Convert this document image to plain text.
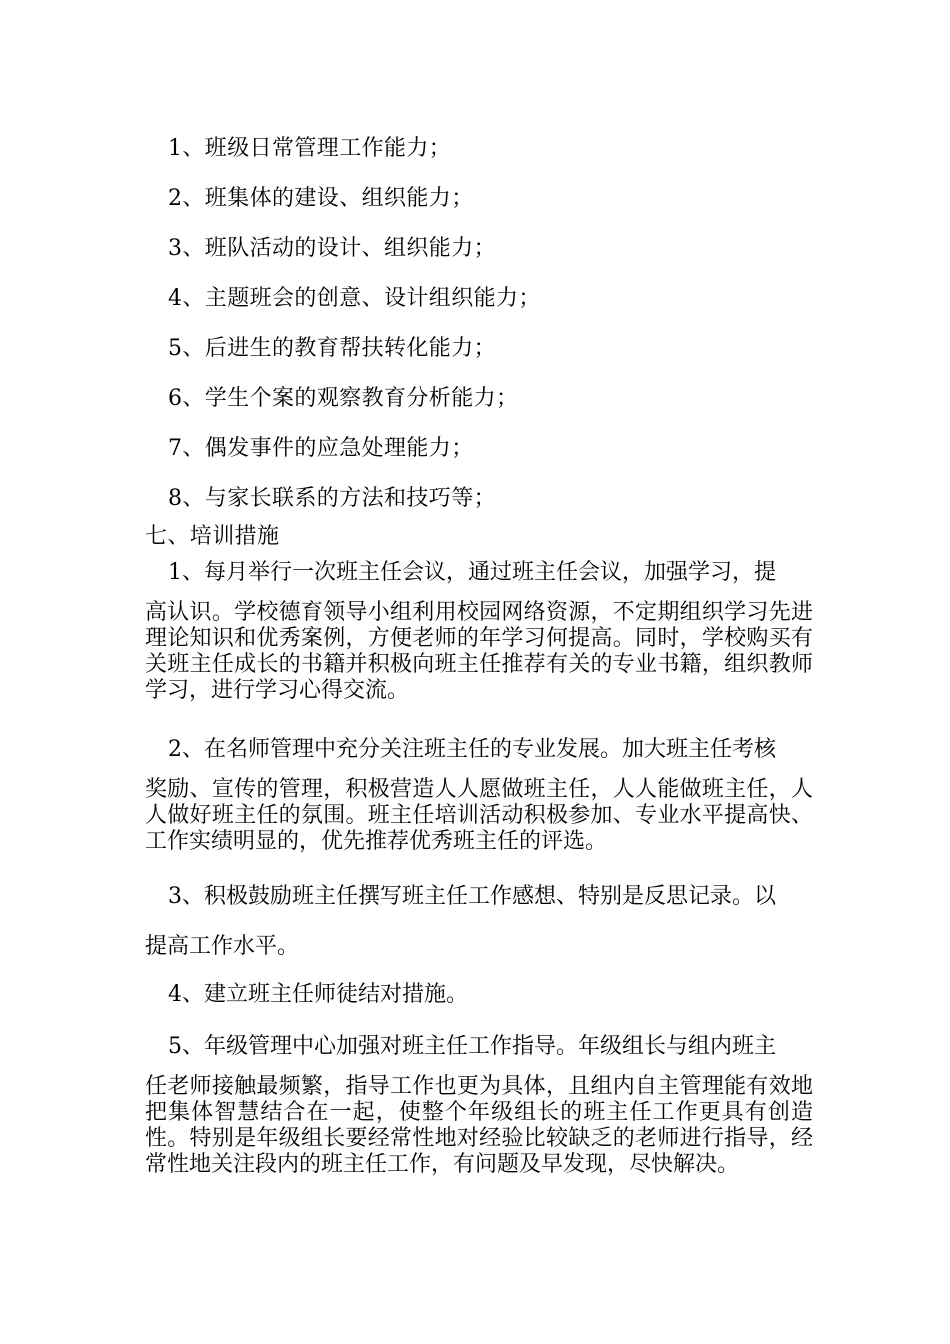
1、班级日常管理工作能力；
2、班集体的建设、组织能力；
3、班队活动的设计、组织能力；
4、主题班会的创意、设计组织能力；
5、后进生的教育帮扶转化能力；
6、学生个案的观察教育分析能力；
7、偶发事件的应急处理能力；
8、与家长联系的方法和技巧等；
七、培训措施
1、每月举行一次班主任会议，通过班主任会议，加强学习，提
高认识。学校德育领导小组利用校园网络资源，不定期组织学习先进理论知识和优秀案例，方便老师的年学习何提高。同时，学校购买有关班主任成长的书籍并积极向班主任推荐有关的专业书籍，组织教师学习，进行学习心得交流。
2、在名师管理中充分关注班主任的专业发展。加大班主任考核
奖励、宣传的管理，积极营造人人愿做班主任，人人能做班主任，人人做好班主任的氛围。班主任培训活动积极参加、专业水平提高快、工作实绩明显的，优先推荐优秀班主任的评选。
3、积极鼓励班主任撰写班主任工作感想、特别是反思记录。以
提高工作水平。
4、建立班主任师徒结对措施。
5、年级管理中心加强对班主任工作指导。年级组长与组内班主
任老师接触最频繁，指导工作也更为具体，且组内自主管理能有效地把集体智慧结合在一起，使整个年级组长的班主任工作更具有创造性。特别是年级组长要经常性地对经验比较缺乏的老师进行指导，经常性地关注段内的班主任工作，有问题及早发现，尽快解决。
